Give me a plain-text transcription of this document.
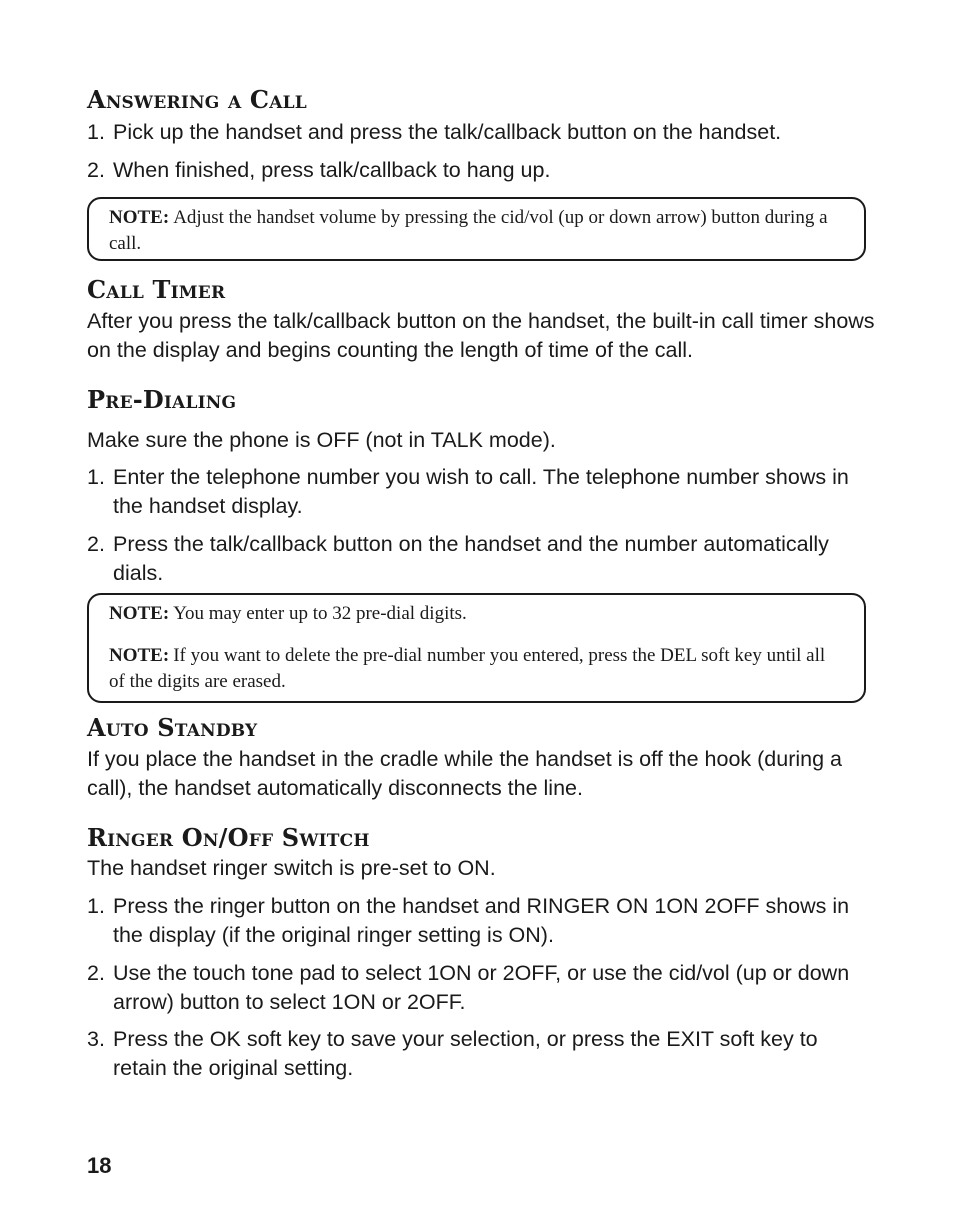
Answering a Call
1. Pick up the handset and press the talk/callback button on the handset.
2. When finished, press talk/callback to hang up.

NOTE: Adjust the handset volume by pressing the cid/vol (up or down arrow) button during a call.

Call Timer
After you press the talk/callback button on the handset, the built-in call timer shows on the display and begins counting the length of time of the call.
Pre-Dialing
Make sure the phone is OFF (not in TALK mode).
1. Enter the telephone number you wish to call. The telephone number shows in the handset display.
2. Press the talk/callback button on the handset and the number automatically dials.

NOTE: You may enter up to 32 pre-dial digits.

NOTE: If you want to delete the pre-dial number you entered, press the DEL soft key until all of the digits are erased.

Auto Standby
If you place the handset in the cradle while the handset is off the hook (during a call), the handset automatically disconnects the line.
Ringer On/Off Switch
The handset ringer switch is pre-set to ON.
1. Press the ringer button on the handset and RINGER ON 1ON 2OFF shows in the display (if the original ringer setting is ON).
2. Use the touch tone pad to select 1ON or 2OFF, or use the cid/vol (up or down arrow) button to select 1ON or 2OFF.
3. Press the OK soft key to save your selection, or press the EXIT soft key to retain the original setting.
18
